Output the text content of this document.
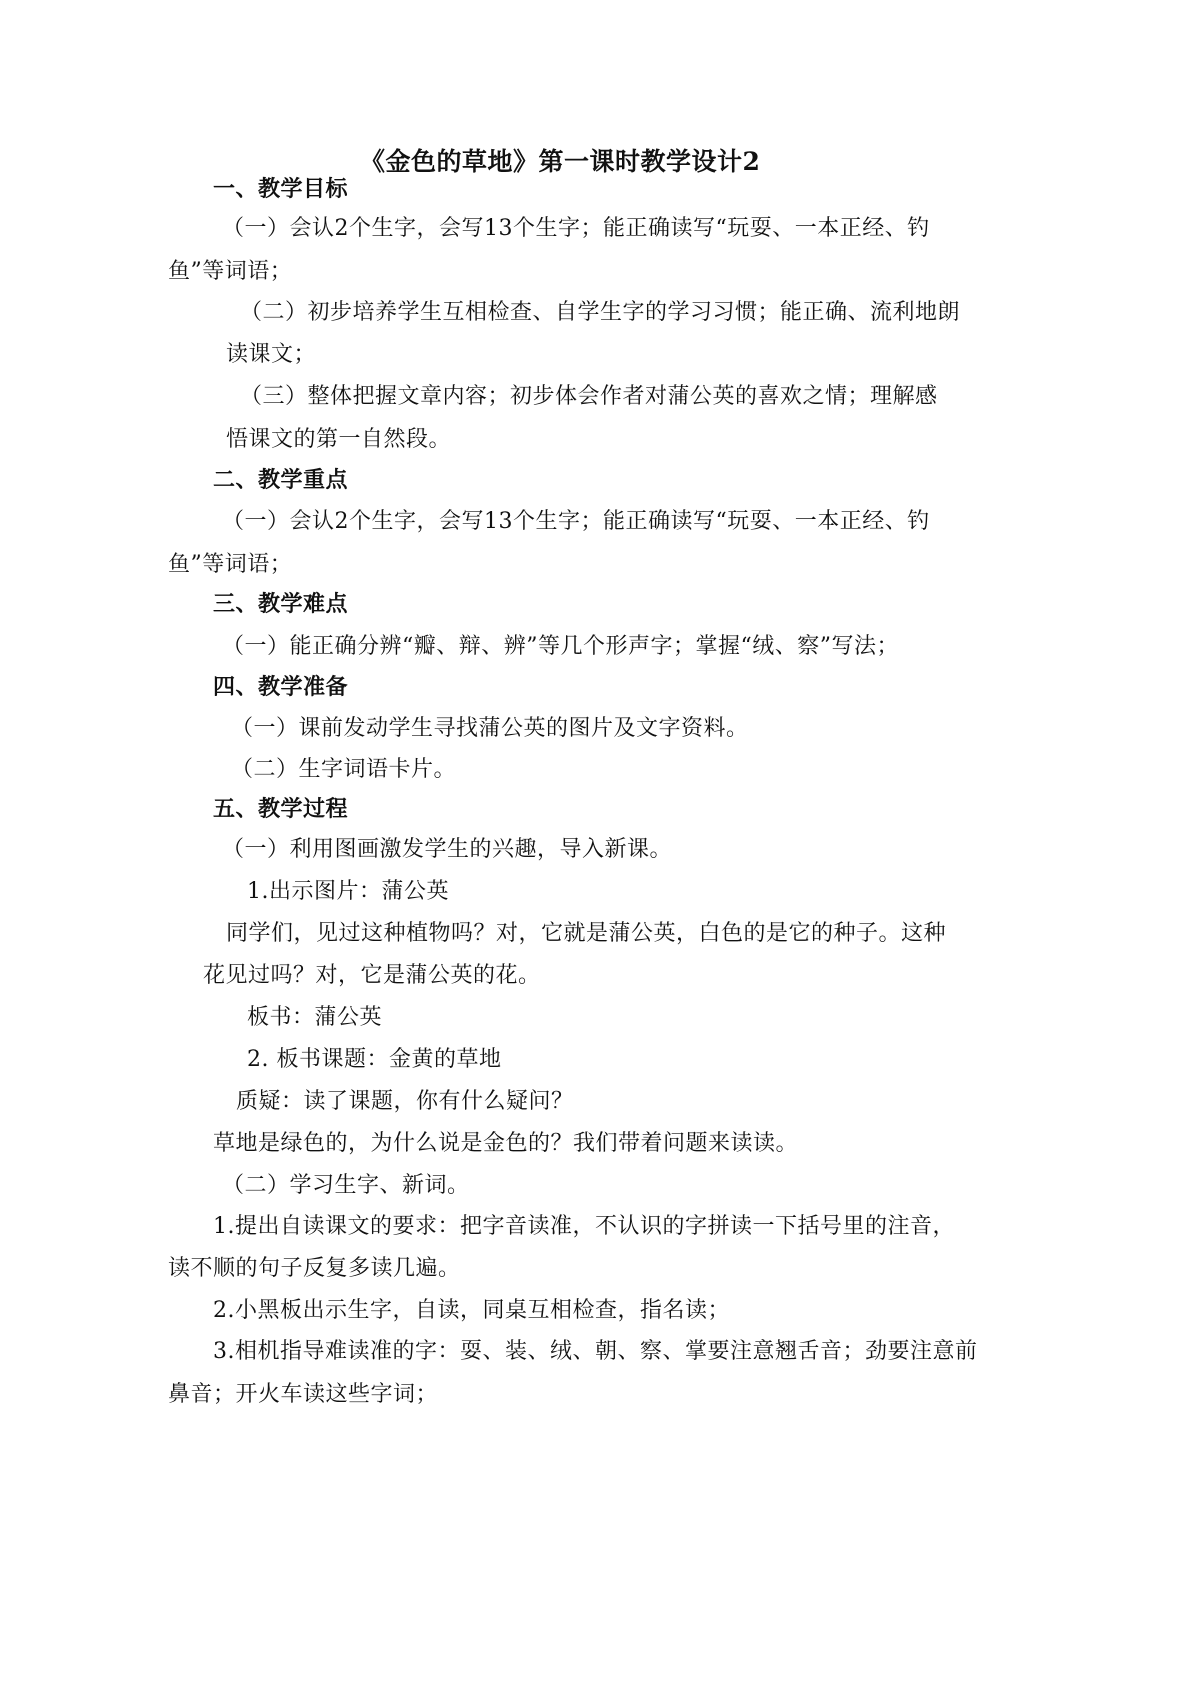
《金色的草地》第一课时教学设计2
一、教学目标
（一）会认2个生字，会写13个生字；能正确读写“玩耍、一本正经、钓
鱼”等词语；
（二）初步培养学生互相检查、自学生字的学习习惯；能正确、流利地朗
读课文；
（三）整体把握文章内容；初步体会作者对蒲公英的喜欢之情；理解感
悟课文的第一自然段。
二、教学重点
（一）会认2个生字，会写13个生字；能正确读写“玩耍、一本正经、钓
鱼”等词语；
三、教学难点
（一）能正确分辨“瓣、辩、辨”等几个形声字；掌握“绒、察”写法；
四、教学准备
（一）课前发动学生寻找蒲公英的图片及文字资料。
（二）生字词语卡片。
五、教学过程
（一）利用图画激发学生的兴趣，导入新课。
1.出示图片：蒲公英
同学们，见过这种植物吗？对，它就是蒲公英，白色的是它的种子。这种
花见过吗？对，它是蒲公英的花。
板书：蒲公英
2. 板书课题：金黄的草地
质疑：读了课题，你有什么疑问？
草地是绿色的，为什么说是金色的？我们带着问题来读读。
（二）学习生字、新词。
1.提出自读课文的要求：把字音读准，不认识的字拼读一下括号里的注音，
读不顺的句子反复多读几遍。
2.小黑板出示生字，自读，同桌互相检查，指名读；
3.相机指导难读准的字：耍、装、绒、朝、察、掌要注意翘舌音；劲要注意前
鼻音；开火车读这些字词；
